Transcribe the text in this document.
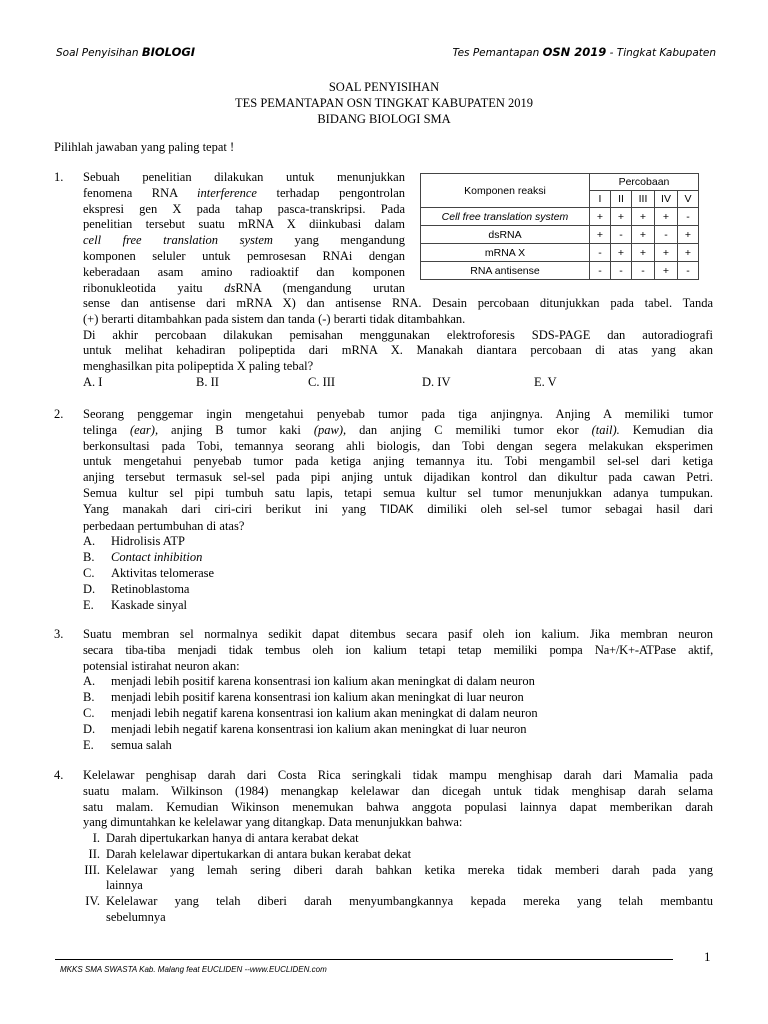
Soal Penyisihan BIOLOGI	Tes Pemantapan OSN 2019 - Tingkat Kabupaten
SOAL PENYISIHAN
TES PEMANTAPAN OSN TINGKAT KABUPATEN 2019
BIDANG BIOLOGI SMA
Pilihlah jawaban yang paling tepat !
1. Sebuah penelitian dilakukan untuk menunjukkan
fenomena RNA interference terhadap pengontrolan
ekspresi gen X pada tahap pasca-transkripsi. Pada
penelitian tersebut suatu mRNA X diinkubasi dalam
cell free translation system yang mengandung
komponen seluler untuk pemrosesan RNAi dengan
keberadaan asam amino radioaktif dan komponen
ribonukleotida yaitu dsRNA (mengandung urutan
sense dan antisense dari mRNA X) dan antisense RNA. Desain percobaan ditunjukkan pada tabel. Tanda
(+) berarti ditambahkan pada sistem dan tanda (-) berarti tidak ditambahkan.
Di akhir percobaan dilakukan pemisahan menggunakan elektroforesis SDS-PAGE dan autoradiografi
untuk melihat kehadiran polipeptida dari mRNA X. Manakah diantara percobaan di atas yang akan
menghasilkan pita polipeptida X paling tebal?
A. I	B. II	C. III	D. IV	E. V
Komponen reaksi	Percobaan				
	I	II	III	IV	V
Cell free translation system	+	+	+	+	-
dsRNA	+	-	+	-	+
mRNA X	-	+	+	+	+
RNA antisense	-	-	-	+	-
2. Seorang penggemar ingin mengetahui penyebab tumor pada tiga anjingnya. Anjing A memiliki tumor
telinga (ear), anjing B tumor kaki (paw), dan anjing C memiliki tumor ekor (tail). Kemudian dia
berkonsultasi pada Tobi, temannya seorang ahli biologis, dan Tobi dengan segera melakukan eksperimen
untuk mengetahui penyebab tumor pada ketiga anjing temannya itu. Tobi mengambil sel-sel dari ketiga
anjing tersebut termasuk sel-sel pada pipi anjing untuk dijadikan kontrol dan dikultur pada cawan Petri.
Semua kultur sel pipi tumbuh satu lapis, tetapi semua kultur sel tumor menunjukkan adanya tumpukan.
Yang manakah dari ciri-ciri berikut ini yang TIDAK dimiliki oleh sel-sel tumor sebagai hasil dari
perbedaan pertumbuhan di atas?
A.	Hidrolisis ATP
B.	Contact inhibition
C.	Aktivitas telomerase
D.	Retinoblastoma
E.	Kaskade sinyal
3. Suatu membran sel normalnya sedikit dapat ditembus secara pasif oleh ion kalium. Jika membran neuron
secara tiba-tiba menjadi tidak tembus oleh ion kalium tetapi tetap memiliki pompa Na+/K+-ATPase aktif,
potensial istirahat neuron akan:
A.	menjadi lebih positif karena konsentrasi ion kalium akan meningkat di dalam neuron
B.	menjadi lebih positif karena konsentrasi ion kalium akan meningkat di luar neuron
C.	menjadi lebih negatif karena konsentrasi ion kalium akan meningkat di dalam neuron
D.	menjadi lebih negatif karena konsentrasi ion kalium akan meningkat di luar neuron
E.	semua salah
4. Kelelawar penghisap darah dari Costa Rica seringkali tidak mampu menghisap darah dari Mamalia pada
suatu malam. Wilkinson (1984) menangkap kelelawar dan dicegah untuk tidak menghisap darah selama
satu malam. Kemudian Wikinson menemukan bahwa anggota populasi lainnya dapat memberikan darah
yang dimuntahkan ke kelelawar yang ditangkap. Data menunjukkan bahwa:
I. Darah dipertukarkan hanya di antara kerabat dekat
II. Darah kelelawar dipertukarkan di antara bukan kerabat dekat
III. Kelelawar yang lemah sering diberi darah bahkan ketika mereka tidak memberi darah pada yang
lainnya
IV. Kelelawar yang telah diberi darah menyumbangkannya kepada mereka yang telah membantu
sebelumnya
1
MKKS SMA SWASTA Kab. Malang feat EUCLIDEN --www.EUCLIDEN.com
